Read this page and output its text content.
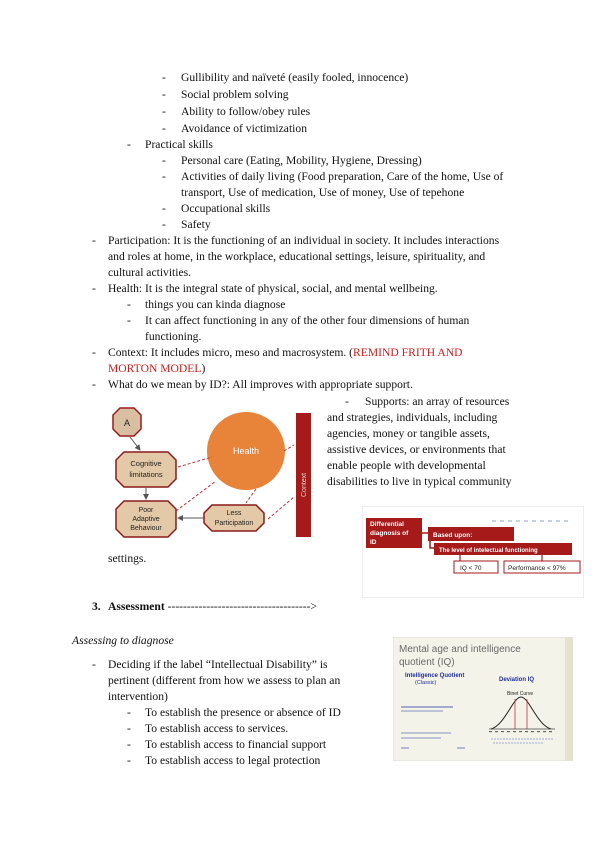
- Gullibility and naïveté (easily fooled, innocence)
- Social problem solving
- Ability to follow/obey rules
- Avoidance of victimization
- Practical skills
- Personal care (Eating, Mobility, Hygiene, Dressing)
- Activities of daily living (Food preparation, Care of the home, Use of
transport, Use of medication, Use of money, Use of tepehone
- Occupational skills
- Safety
- Participation: It is the functioning of an individual in society. It includes interactions
and roles at home, in the workplace, educational settings, leisure, spirituality, and
cultural activities.
- Health: It is the integral state of physical, social, and mental wellbeing.
- things you can kinda diagnose
- It can affect functioning in any of the other four dimensions of human
functioning.
- Context: It includes micro, meso and macrosystem. (REMIND FRITH AND
MORTON MODEL)
- What do we mean by ID?: All improves with appropriate support.
- Supports: an array of resources
and strategies, individuals, including
agencies, money or tangible assets,
assistive devices, or environments that
enable people with developmental
disabilities to live in typical community
settings.
A
Health
Cognitive
limitations
Poor
Adaptive
Behaviour
Less
Participation
Context
Differential
diagnosis of
ID
Based upon:
The level of intelectual functioning
IQ < 70	Performance < 97%
3. Assessment ------------------------------------->
Assessing to diagnose
- Deciding if the label “Intellectual Disability” is
pertinent (different from how we assess to plan an
intervention)
- To establish the presence or absence of ID
- To establish access to services.
- To establish access to financial support
- To establish access to legal protection
Mental age and intelligence
quotient (IQ)
Intelligence Quotient
(Classic)	Deviation IQ
Binet Curve
